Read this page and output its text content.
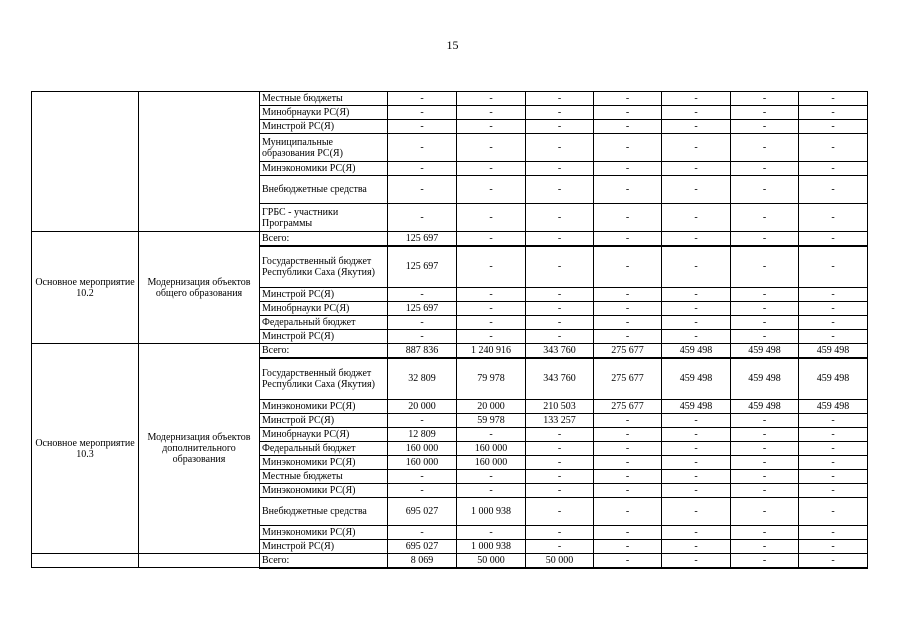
15
		Местные бюджеты	-	-	-	-	-	-	-
		Минобрнауки РС(Я)	-	-	-	-	-	-	-
		Минстрой РС(Я)	-	-	-	-	-	-	-
		Муниципальные образования РС(Я)	-	-	-	-	-	-	-
		Минэкономики РС(Я)	-	-	-	-	-	-	-
		Внебюджетные средства	-	-	-	-	-	-	-
		ГРБС - участники Программы	-	-	-	-	-	-	-
Основное мероприятие 10.2	Модернизация объектов общего образования	Всего:	125 697	-	-	-	-	-	-
		Государственный бюджет Республики Саха (Якутия)	125 697	-	-	-	-	-	-
		Минстрой РС(Я)	-	-	-	-	-	-	-
		Минобрнауки РС(Я)	125 697	-	-	-	-	-	-
		Федеральный бюджет	-	-	-	-	-	-	-
		Минстрой РС(Я)	-	-	-	-	-	-	-
Основное мероприятие 10.3	Модернизация объектов дополнительного образования	Всего:	887 836	1 240 916	343 760	275 677	459 498	459 498	459 498
		Государственный бюджет Республики Саха (Якутия)	32 809	79 978	343 760	275 677	459 498	459 498	459 498
		Минэкономики РС(Я)	20 000	20 000	210 503	275 677	459 498	459 498	459 498
		Минстрой РС(Я)	-	59 978	133 257	-	-	-	-
		Минобрнауки РС(Я)	12 809	-	-	-	-	-	-
		Федеральный бюджет	160 000	160 000	-	-	-	-	-
		Минэкономики РС(Я)	160 000	160 000	-	-	-	-	-
		Местные бюджеты	-	-	-	-	-	-	-
		Минэкономики РС(Я)	-	-	-	-	-	-	-
		Внебюджетные средства	695 027	1 000 938	-	-	-	-	-
		Минэкономики РС(Я)	-	-	-	-	-	-	-
		Минстрой РС(Я)	695 027	1 000 938	-	-	-	-	-
		Всего:	8 069	50 000	50 000	-	-	-	-
